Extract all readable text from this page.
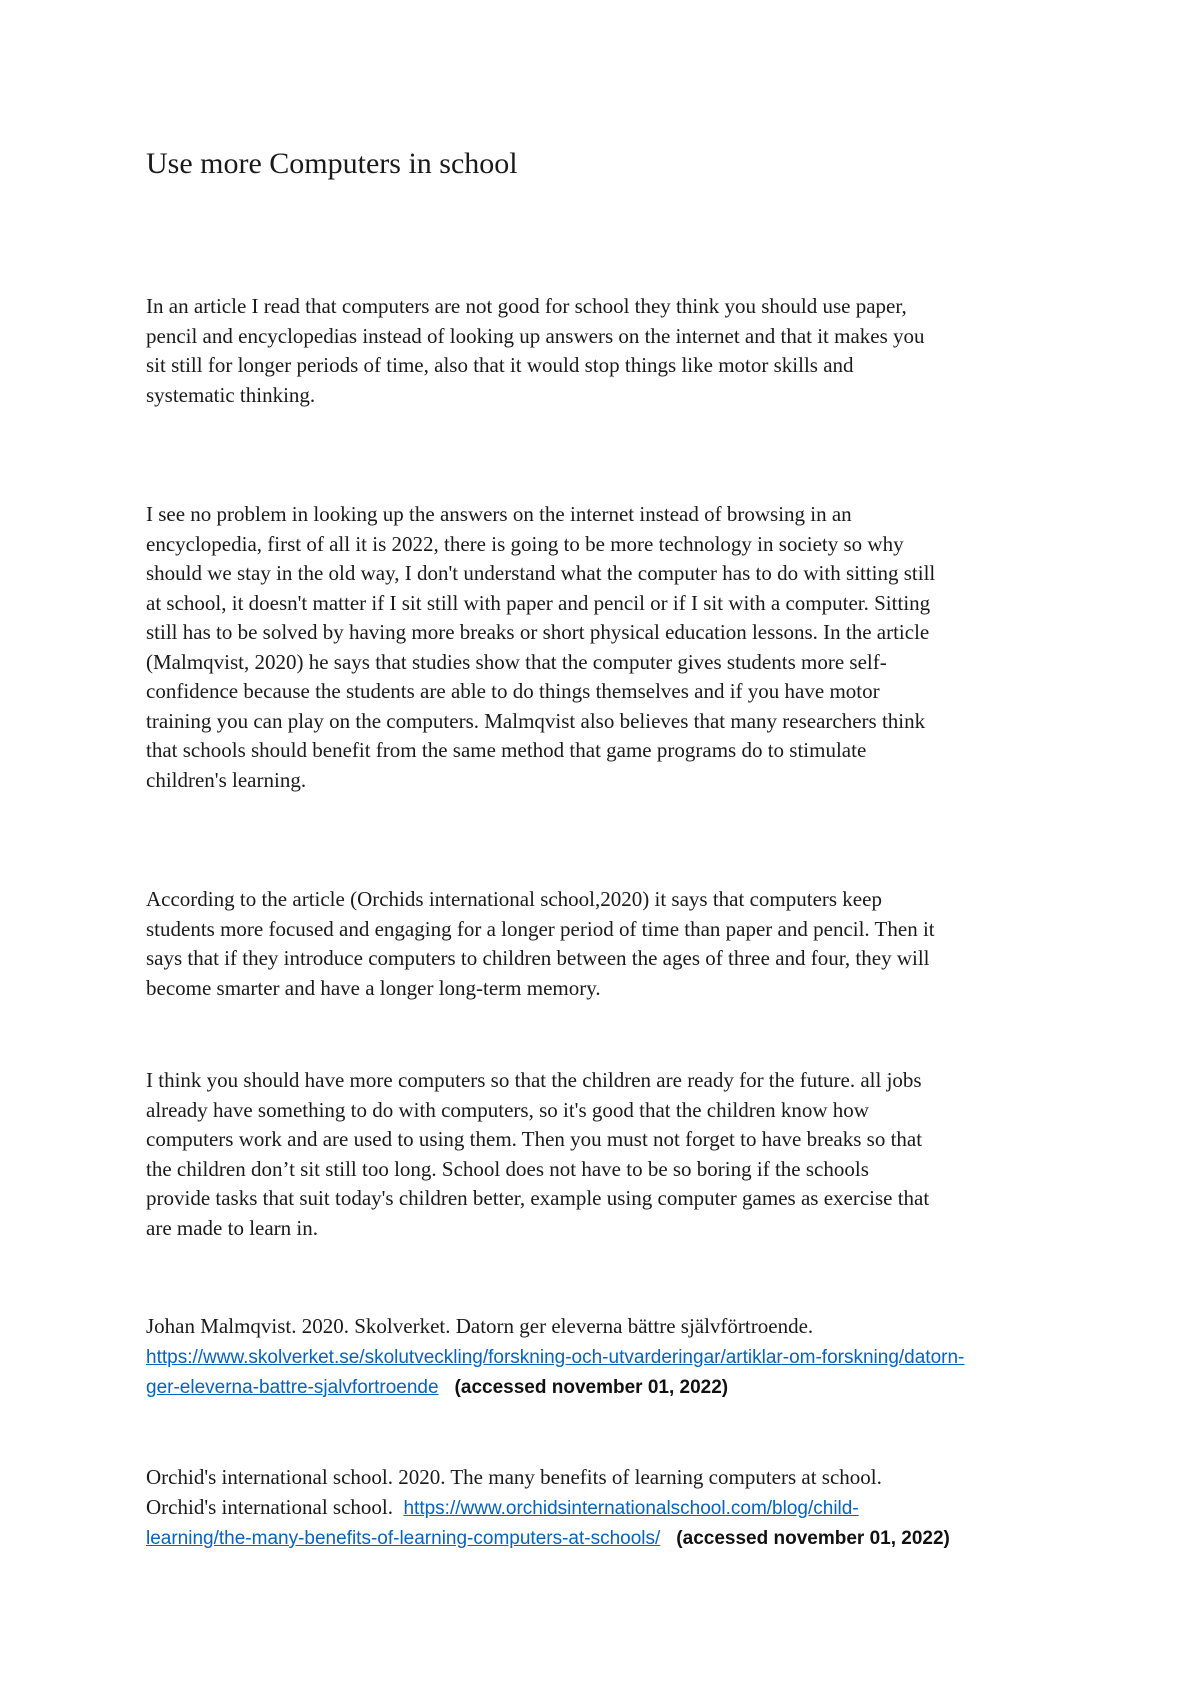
Use more Computers in school

In an article I read that computers are not good for school they think you should use paper,
pencil and encyclopedias instead of looking up answers on the internet and that it makes you
sit still for longer periods of time, also that it would stop things like motor skills and
systematic thinking.

I see no problem in looking up the answers on the internet instead of browsing in an
encyclopedia, first of all it is 2022, there is going to be more technology in society so why
should we stay in the old way, I don't understand what the computer has to do with sitting still
at school, it doesn't matter if I sit still with paper and pencil or if I sit with a computer. Sitting
still has to be solved by having more breaks or short physical education lessons. In the article
(Malmqvist, 2020) he says that studies show that the computer gives students more self-
confidence because the students are able to do things themselves and if you have motor
training you can play on the computers. Malmqvist also believes that many researchers think
that schools should benefit from the same method that game programs do to stimulate
children's learning.

According to the article (Orchids international school,2020) it says that computers keep
students more focused and engaging for a longer period of time than paper and pencil. Then it
says that if they introduce computers to children between the ages of three and four, they will
become smarter and have a longer long-term memory.

I think you should have more computers so that the children are ready for the future. all jobs
already have something to do with computers, so it's good that the children know how
computers work and are used to using them. Then you must not forget to have breaks so that
the children don’t sit still too long. School does not have to be so boring if the schools
provide tasks that suit today's children better, example using computer games as exercise that
are made to learn in.

Johan Malmqvist. 2020. Skolverket. Datorn ger eleverna bättre självförtroende.
https://www.skolverket.se/skolutveckling/forskning-och-utvarderingar/artiklar-om-forskning/datorn-
ger-eleverna-battre-sjalvfortroende (accessed november 01, 2022)

Orchid's international school. 2020. The many benefits of learning computers at school.
Orchid's international school. https://www.orchidsinternationalschool.com/blog/child-
learning/the-many-benefits-of-learning-computers-at-schools/ (accessed november 01, 2022)
